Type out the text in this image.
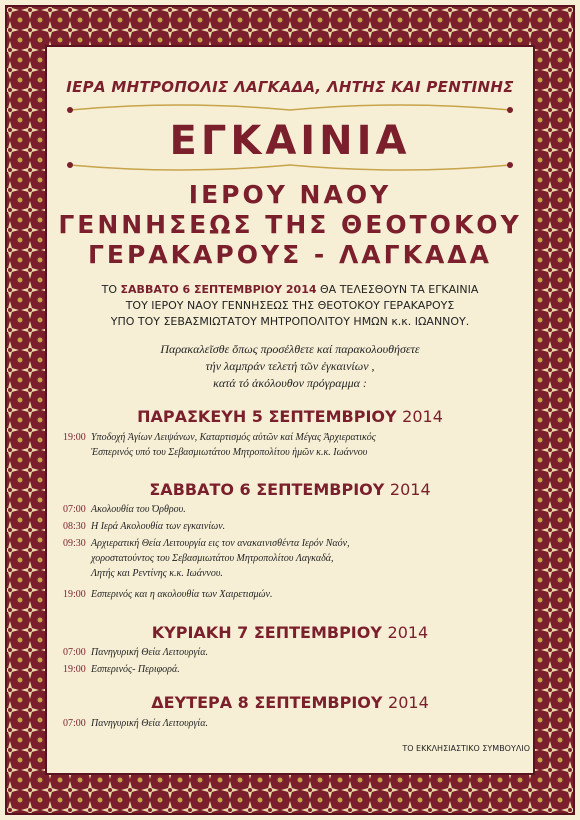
ΙΕΡΑ ΜΗΤΡΟΠΟΛΙΣ ΛΑΓΚΑΔΑ, ΛΗΤΗΣ ΚΑΙ ΡΕΝΤΙΝΗΣ
ΕΓΚΑΙΝΙΑ
ΙΕΡΟΥ ΝΑΟΥ
ΓΕΝΝΗΣΕΩΣ ΤΗΣ ΘΕΟΤΟΚΟΥ
ΓΕΡΑΚΑΡΟΥΣ - ΛΑΓΚΑΔΑ
ΤΟ ΣΑΒΒΑΤΟ 6 ΣΕΠΤΕΜΒΡΙΟΥ 2014 ΘΑ ΤΕΛΕΣΘΟΥΝ ΤΑ ΕΓΚΑΙΝΙΑ
ΤΟΥ ΙΕΡΟΥ ΝΑΟΥ ΓΕΝΝΗΣΕΩΣ ΤΗΣ ΘΕΟΤΟΚΟΥ ΓΕΡΑΚΑΡΟΥΣ
ΥΠΟ ΤΟΥ ΣΕΒΑΣΜΙΩΤΑΤΟΥ ΜΗΤΡΟΠΟΛΙΤΟΥ ΗΜΩΝ κ.κ. ΙΩΑΝΝΟΥ.
Παρακαλεῖσθε ὅπως προσέλθετε καί παρακολουθήσετε
τήν λαμπράν τελετή τῶν ἐγκαινίων ,
κατά τό ἀκόλουθον πρόγραμμα :
ΠΑΡΑΣΚΕΥΗ 5 ΣΕΠΤΕΜΒΡΙΟΥ 2014
19:00 Υποδοχή Ἁγίων Λειψάνων, Καταρτισμός αὐτῶν καί Μέγας Ἀρχιερατικός
Ἑσπερινός υπό του Σεβασμιωτάτου Μητροπολίτου ἡμῶν κ.κ. Ιωάννου
ΣΑΒΒΑΤΟ 6 ΣΕΠΤΕΜΒΡΙΟΥ 2014
07:00 Ακολουθία του Όρθρου.
08:30 Η Ιερά Ακολουθία των εγκαινίων.
09:30 Αρχιερατική Θεία Λειτουργία εις τον ανακαινισθέντα Ιερόν Ναόν,
χοροστατούντος του Σεβασμιωτάτου Μητροπολίτου Λαγκαδά,
Λητής και Ρεντίνης κ.κ. Ιωάννου.
19:00 Εσπερινός και η ακολουθία των Χαιρετισμών.
ΚΥΡΙΑΚΗ 7 ΣΕΠΤΕΜΒΡΙΟΥ 2014
07:00 Πανηγυρική Θεία Λειτουργία.
19:00 Εσπερινός- Περιφορά.
ΔΕΥΤΕΡΑ 8 ΣΕΠΤΕΜΒΡΙΟΥ 2014
07:00 Πανηγυρική Θεία Λειτουργία.
ΤΟ ΕΚΚΛΗΣΙΑΣΤΙΚΟ ΣΥΜΒΟΥΛΙΟ
